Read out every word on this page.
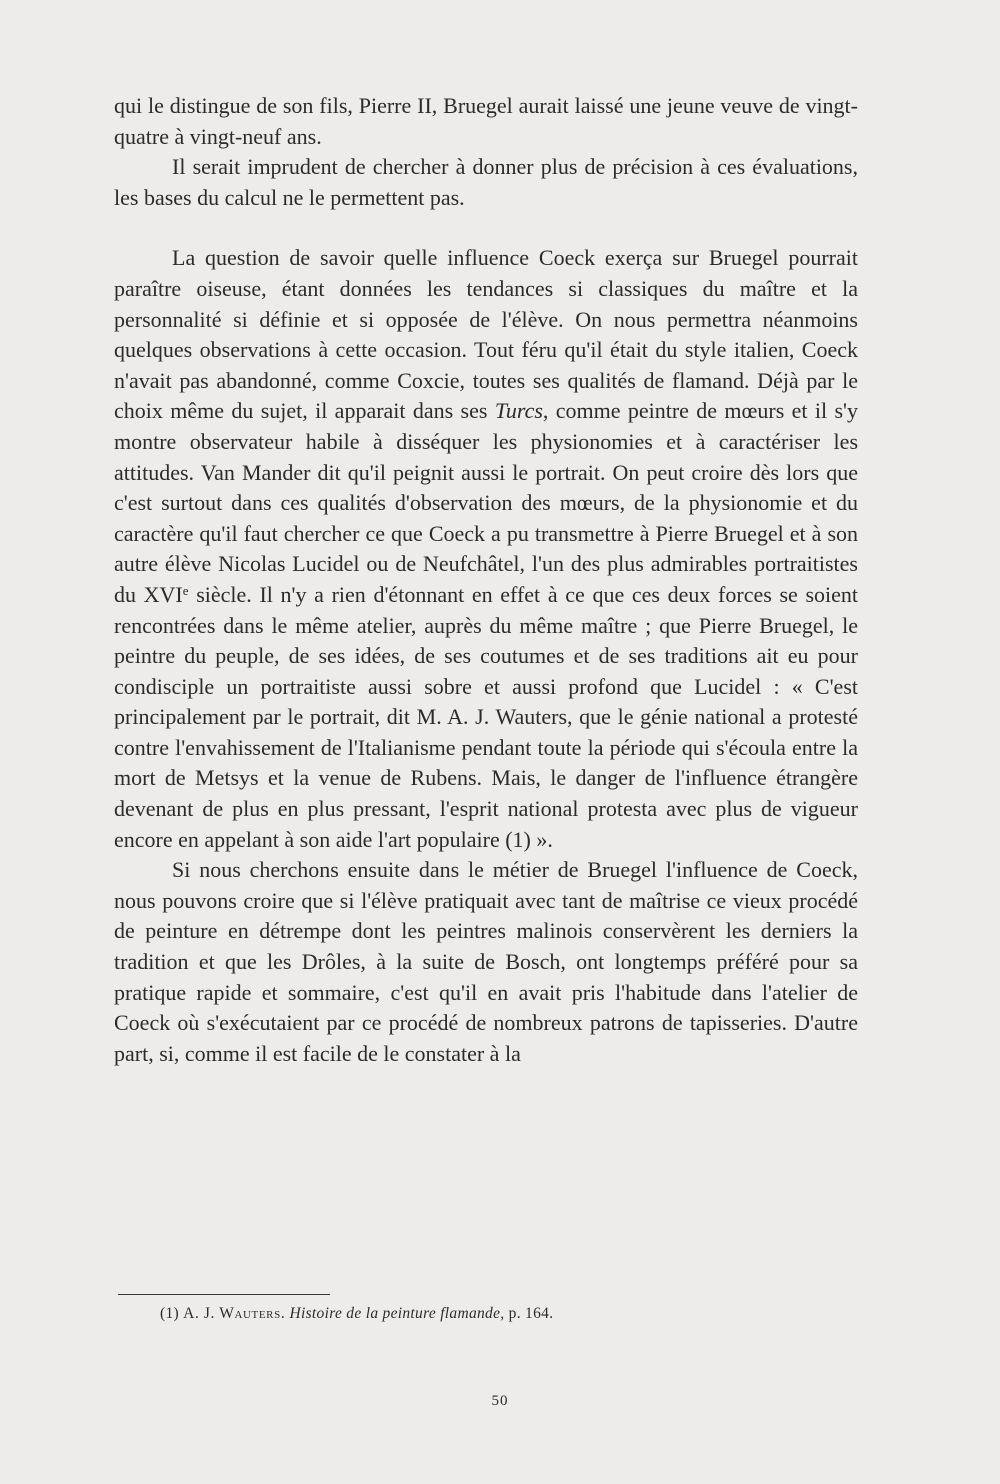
qui le distingue de son fils, Pierre II, Bruegel aurait laissé une jeune veuve de vingt-quatre à vingt-neuf ans.

Il serait imprudent de chercher à donner plus de précision à ces évaluations, les bases du calcul ne le permettent pas.

La question de savoir quelle influence Coeck exerça sur Bruegel pourrait paraître oiseuse, étant données les tendances si classiques du maître et la personnalité si définie et si opposée de l'élève. On nous permettra néanmoins quelques observations à cette occasion. Tout féru qu'il était du style italien, Coeck n'avait pas abandonné, comme Coxcie, toutes ses qualités de flamand. Déjà par le choix même du sujet, il apparait dans ses Turcs, comme peintre de mœurs et il s'y montre observateur habile à disséquer les physionomies et à caractériser les attitudes. Van Mander dit qu'il peignit aussi le portrait. On peut croire dès lors que c'est surtout dans ces qualités d'observation des mœurs, de la physionomie et du caractère qu'il faut chercher ce que Coeck a pu transmettre à Pierre Bruegel et à son autre élève Nicolas Lucidel ou de Neufchâtel, l'un des plus admirables portraitistes du XVIe siècle. Il n'y a rien d'étonnant en effet à ce que ces deux forces se soient rencontrées dans le même atelier, auprès du même maître ; que Pierre Bruegel, le peintre du peuple, de ses idées, de ses coutumes et de ses traditions ait eu pour condisciple un portraitiste aussi sobre et aussi profond que Lucidel : « C'est principalement par le portrait, dit M. A. J. Wauters, que le génie national a protesté contre l'envahissement de l'Italianisme pendant toute la période qui s'écoula entre la mort de Metsys et la venue de Rubens. Mais, le danger de l'influence étrangère devenant de plus en plus pressant, l'esprit national protesta avec plus de vigueur encore en appelant à son aide l'art populaire (1) ».

Si nous cherchons ensuite dans le métier de Bruegel l'influence de Coeck, nous pouvons croire que si l'élève pratiquait avec tant de maîtrise ce vieux procédé de peinture en détrempe dont les peintres malinois conservèrent les derniers la tradition et que les Drôles, à la suite de Bosch, ont longtemps préféré pour sa pratique rapide et sommaire, c'est qu'il en avait pris l'habitude dans l'atelier de Coeck où s'exécutaient par ce procédé de nombreux patrons de tapisseries. D'autre part, si, comme il est facile de le constater à la

(1) A. J. Wauters. Histoire de la peinture flamande, p. 164.
50
